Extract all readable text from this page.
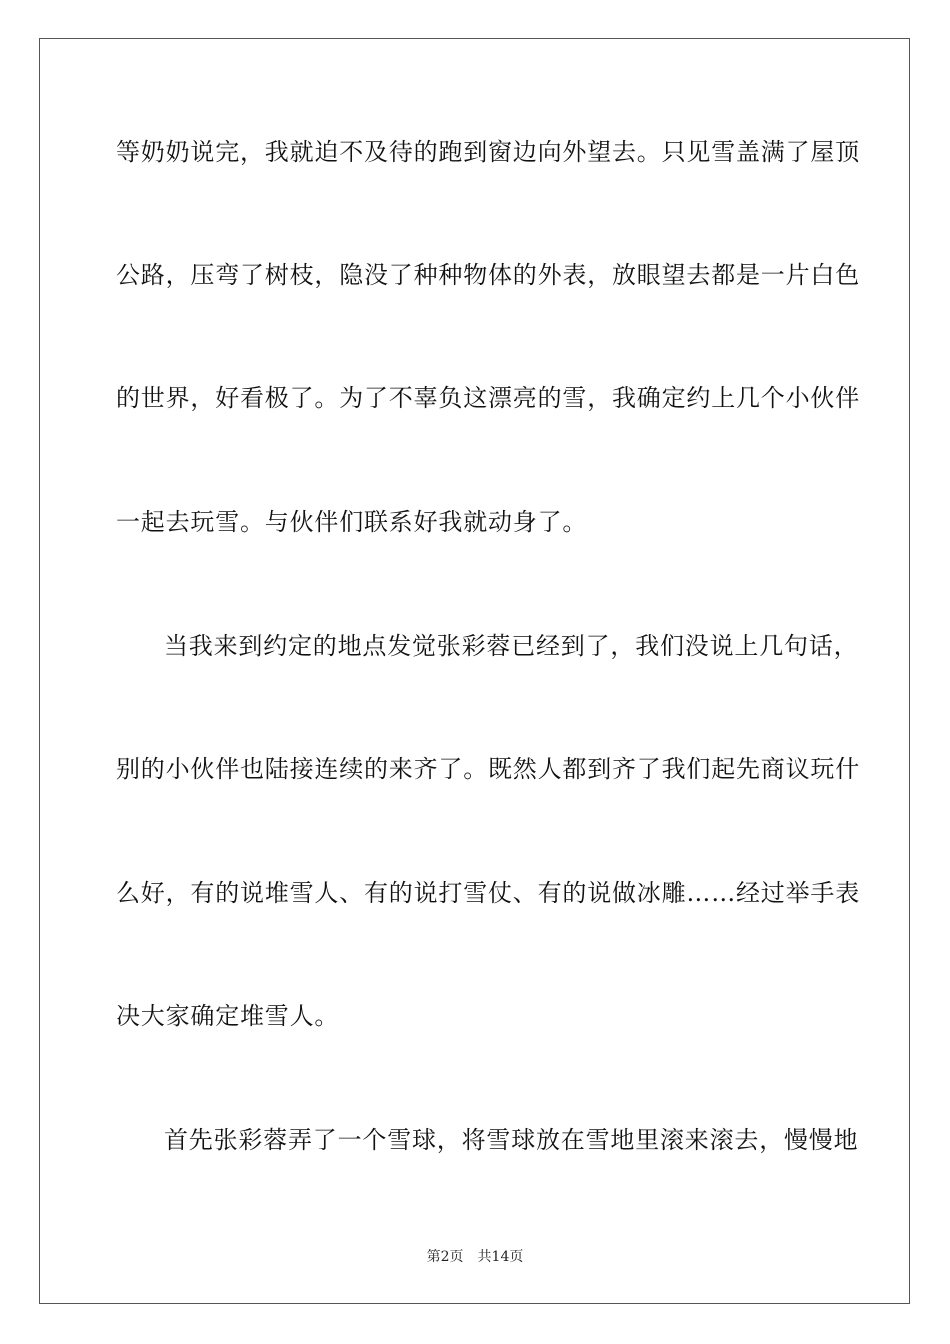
等奶奶说完，我就迫不及待的跑到窗边向外望去。只见雪盖满了屋顶
公路，压弯了树枝，隐没了种种物体的外表，放眼望去都是一片白色
的世界，好看极了。为了不辜负这漂亮的雪，我确定约上几个小伙伴
一起去玩雪。与伙伴们联系好我就动身了。
当我来到约定的地点发觉张彩蓉已经到了，我们没说上几句话，
别的小伙伴也陆接连续的来齐了。既然人都到齐了我们起先商议玩什
么好，有的说堆雪人、有的说打雪仗、有的说做冰雕……经过举手表
决大家确定堆雪人。
首先张彩蓉弄了一个雪球，将雪球放在雪地里滚来滚去，慢慢地
第2页 共14页
